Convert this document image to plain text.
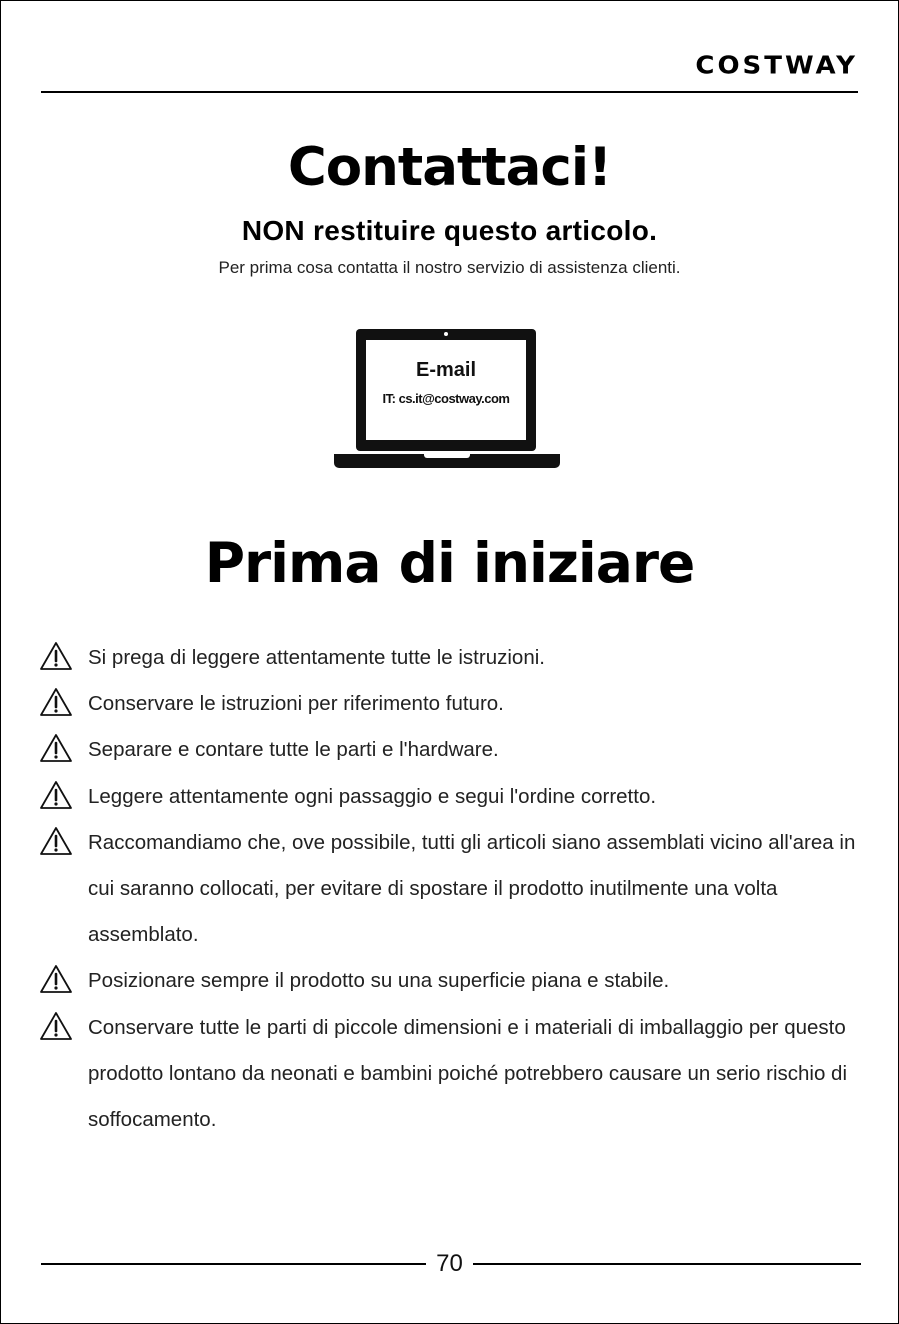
COSTWAY
Contattaci!
NON restituire questo articolo.
Per prima cosa contatta il nostro servizio di assistenza clienti.
E-mail
IT: cs.it@costway.com
Prima di iniziare
Si prega di leggere attentamente tutte le istruzioni.
Conservare le istruzioni per riferimento futuro.
Separare e contare tutte le parti e l'hardware.
Leggere attentamente ogni passaggio e segui l'ordine corretto.
Raccomandiamo che, ove possibile, tutti gli articoli siano assemblati vicino all'area in cui saranno collocati, per evitare di spostare il prodotto inutilmente una volta assemblato.
Posizionare sempre il prodotto su una superficie piana e stabile.
Conservare tutte le parti di piccole dimensioni e i materiali di imballaggio per questo prodotto lontano da neonati e bambini poiché potrebbero causare un serio rischio di soffocamento.
70
